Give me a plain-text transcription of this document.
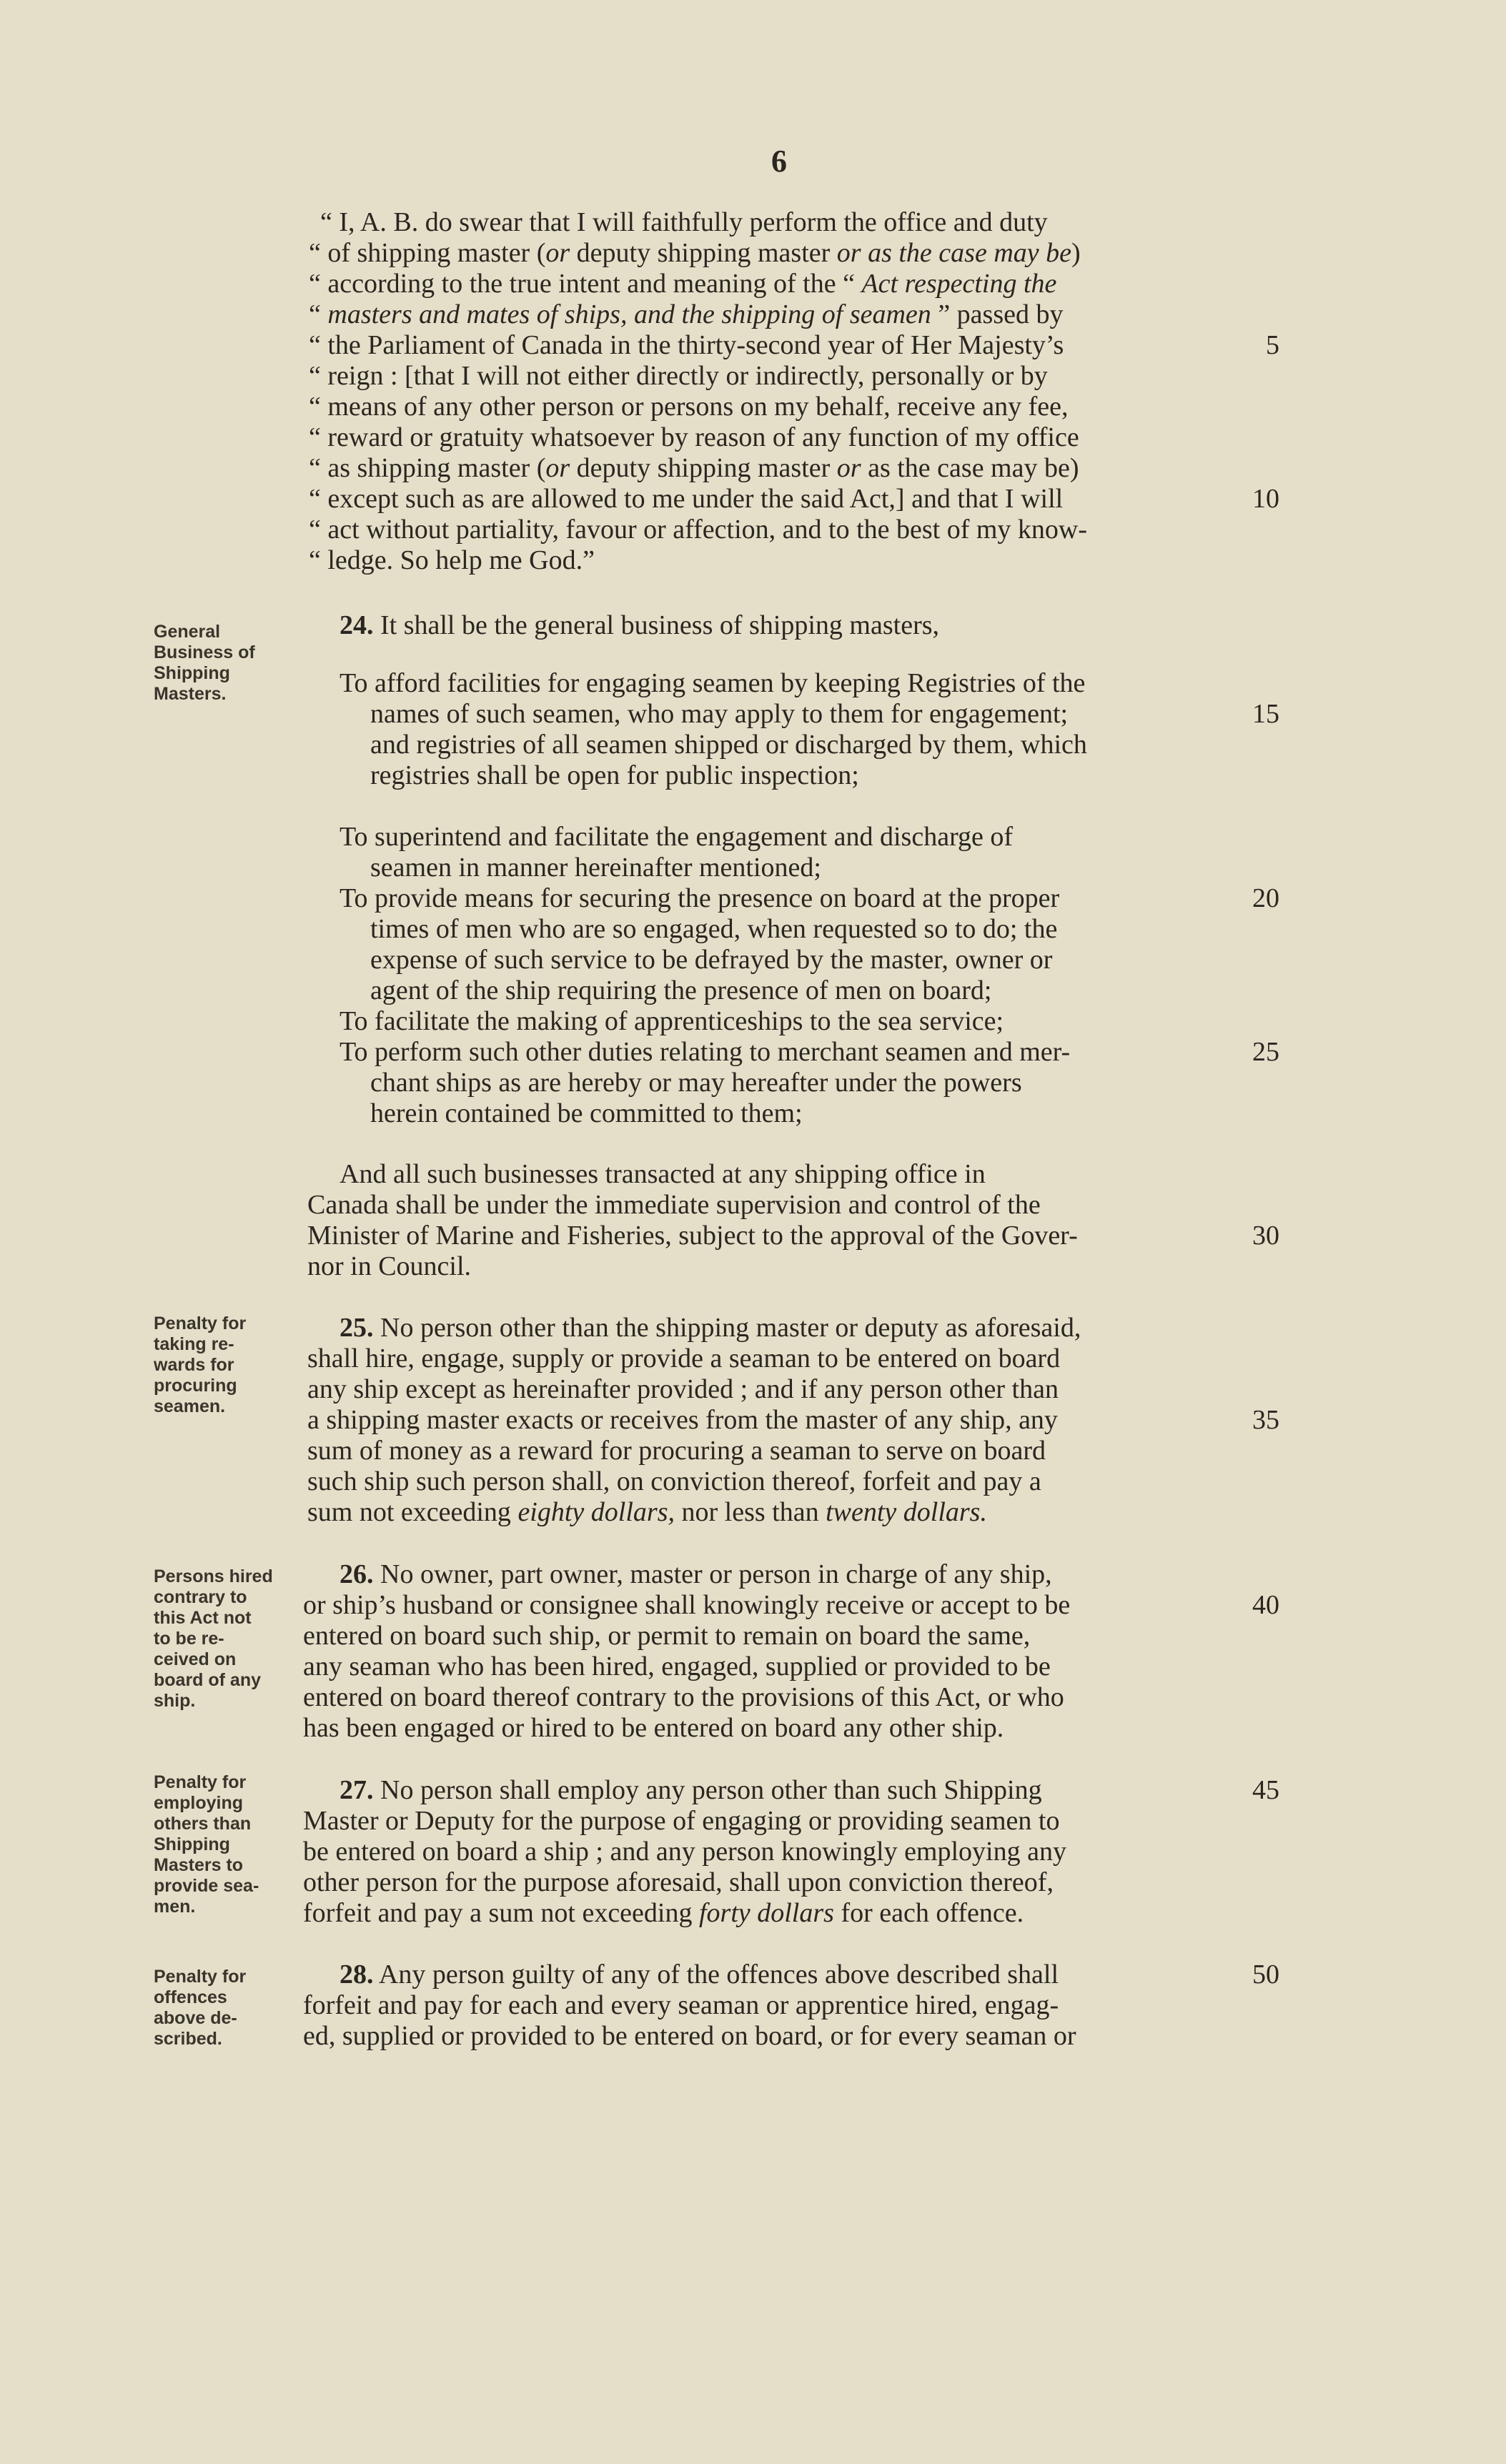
6
“ I, A. B. do swear that I will faithfully perform the office and duty
“ of shipping master (or deputy shipping master or as the case may be)
“ according to the true intent and meaning of the “ Act respecting the
“ masters and mates of ships, and the shipping of seamen ” passed by
“ the Parliament of Canada in the thirty-second year of Her Majesty’s
“ reign : [that I will not either directly or indirectly, personally or by
“ means of any other person or persons on my behalf, receive any fee,
“ reward or gratuity whatsoever by reason of any function of my office
“ as shipping master (or deputy shipping master or as the case may be)
“ except such as are allowed to me under the said Act,] and that I will
“ act without partiality, favour or affection, and to the best of my know-
“ ledge. So help me God.”
General
Business of
Shipping
Masters.
24. It shall be the general business of shipping masters,
To afford facilities for engaging seamen by keeping Registries of the
names of such seamen, who may apply to them for engagement;
and registries of all seamen shipped or discharged by them, which
registries shall be open for public inspection;
To superintend and facilitate the engagement and discharge of
seamen in manner hereinafter mentioned;
To provide means for securing the presence on board at the proper
times of men who are so engaged, when requested so to do; the
expense of such service to be defrayed by the master, owner or
agent of the ship requiring the presence of men on board;
To facilitate the making of apprenticeships to the sea service;
To perform such other duties relating to merchant seamen and mer-
chant ships as are hereby or may hereafter under the powers
herein contained be committed to them;
And all such businesses transacted at any shipping office in
Canada shall be under the immediate supervision and control of the
Minister of Marine and Fisheries, subject to the approval of the Gover-
nor in Council.
Penalty for
taking re-
wards for
procuring
seamen.
25. No person other than the shipping master or deputy as aforesaid,
shall hire, engage, supply or provide a seaman to be entered on board
any ship except as hereinafter provided ; and if any person other than
a shipping master exacts or receives from the master of any ship, any
sum of money as a reward for procuring a seaman to serve on board
such ship such person shall, on conviction thereof, forfeit and pay a
sum not exceeding eighty dollars, nor less than twenty dollars.
Persons hired
contrary to
this Act not
to be re-
ceived on
board of any
ship.
26. No owner, part owner, master or person in charge of any ship,
or ship’s husband or consignee shall knowingly receive or accept to be
entered on board such ship, or permit to remain on board the same,
any seaman who has been hired, engaged, supplied or provided to be
entered on board thereof contrary to the provisions of this Act, or who
has been engaged or hired to be entered on board any other ship.
Penalty for
employing
others than
Shipping
Masters to
provide sea-
men.
27. No person shall employ any person other than such Shipping
Master or Deputy for the purpose of engaging or providing seamen to
be entered on board a ship ; and any person knowingly employing any
other person for the purpose aforesaid, shall upon conviction thereof,
forfeit and pay a sum not exceeding forty dollars for each offence.
Penalty for
offences
above de-
scribed.
28. Any person guilty of any of the offences above described shall
forfeit and pay for each and every seaman or apprentice hired, engag-
ed, supplied or provided to be entered on board, or for every seaman or
5
10
15
20
25
30
35
40
45
50
